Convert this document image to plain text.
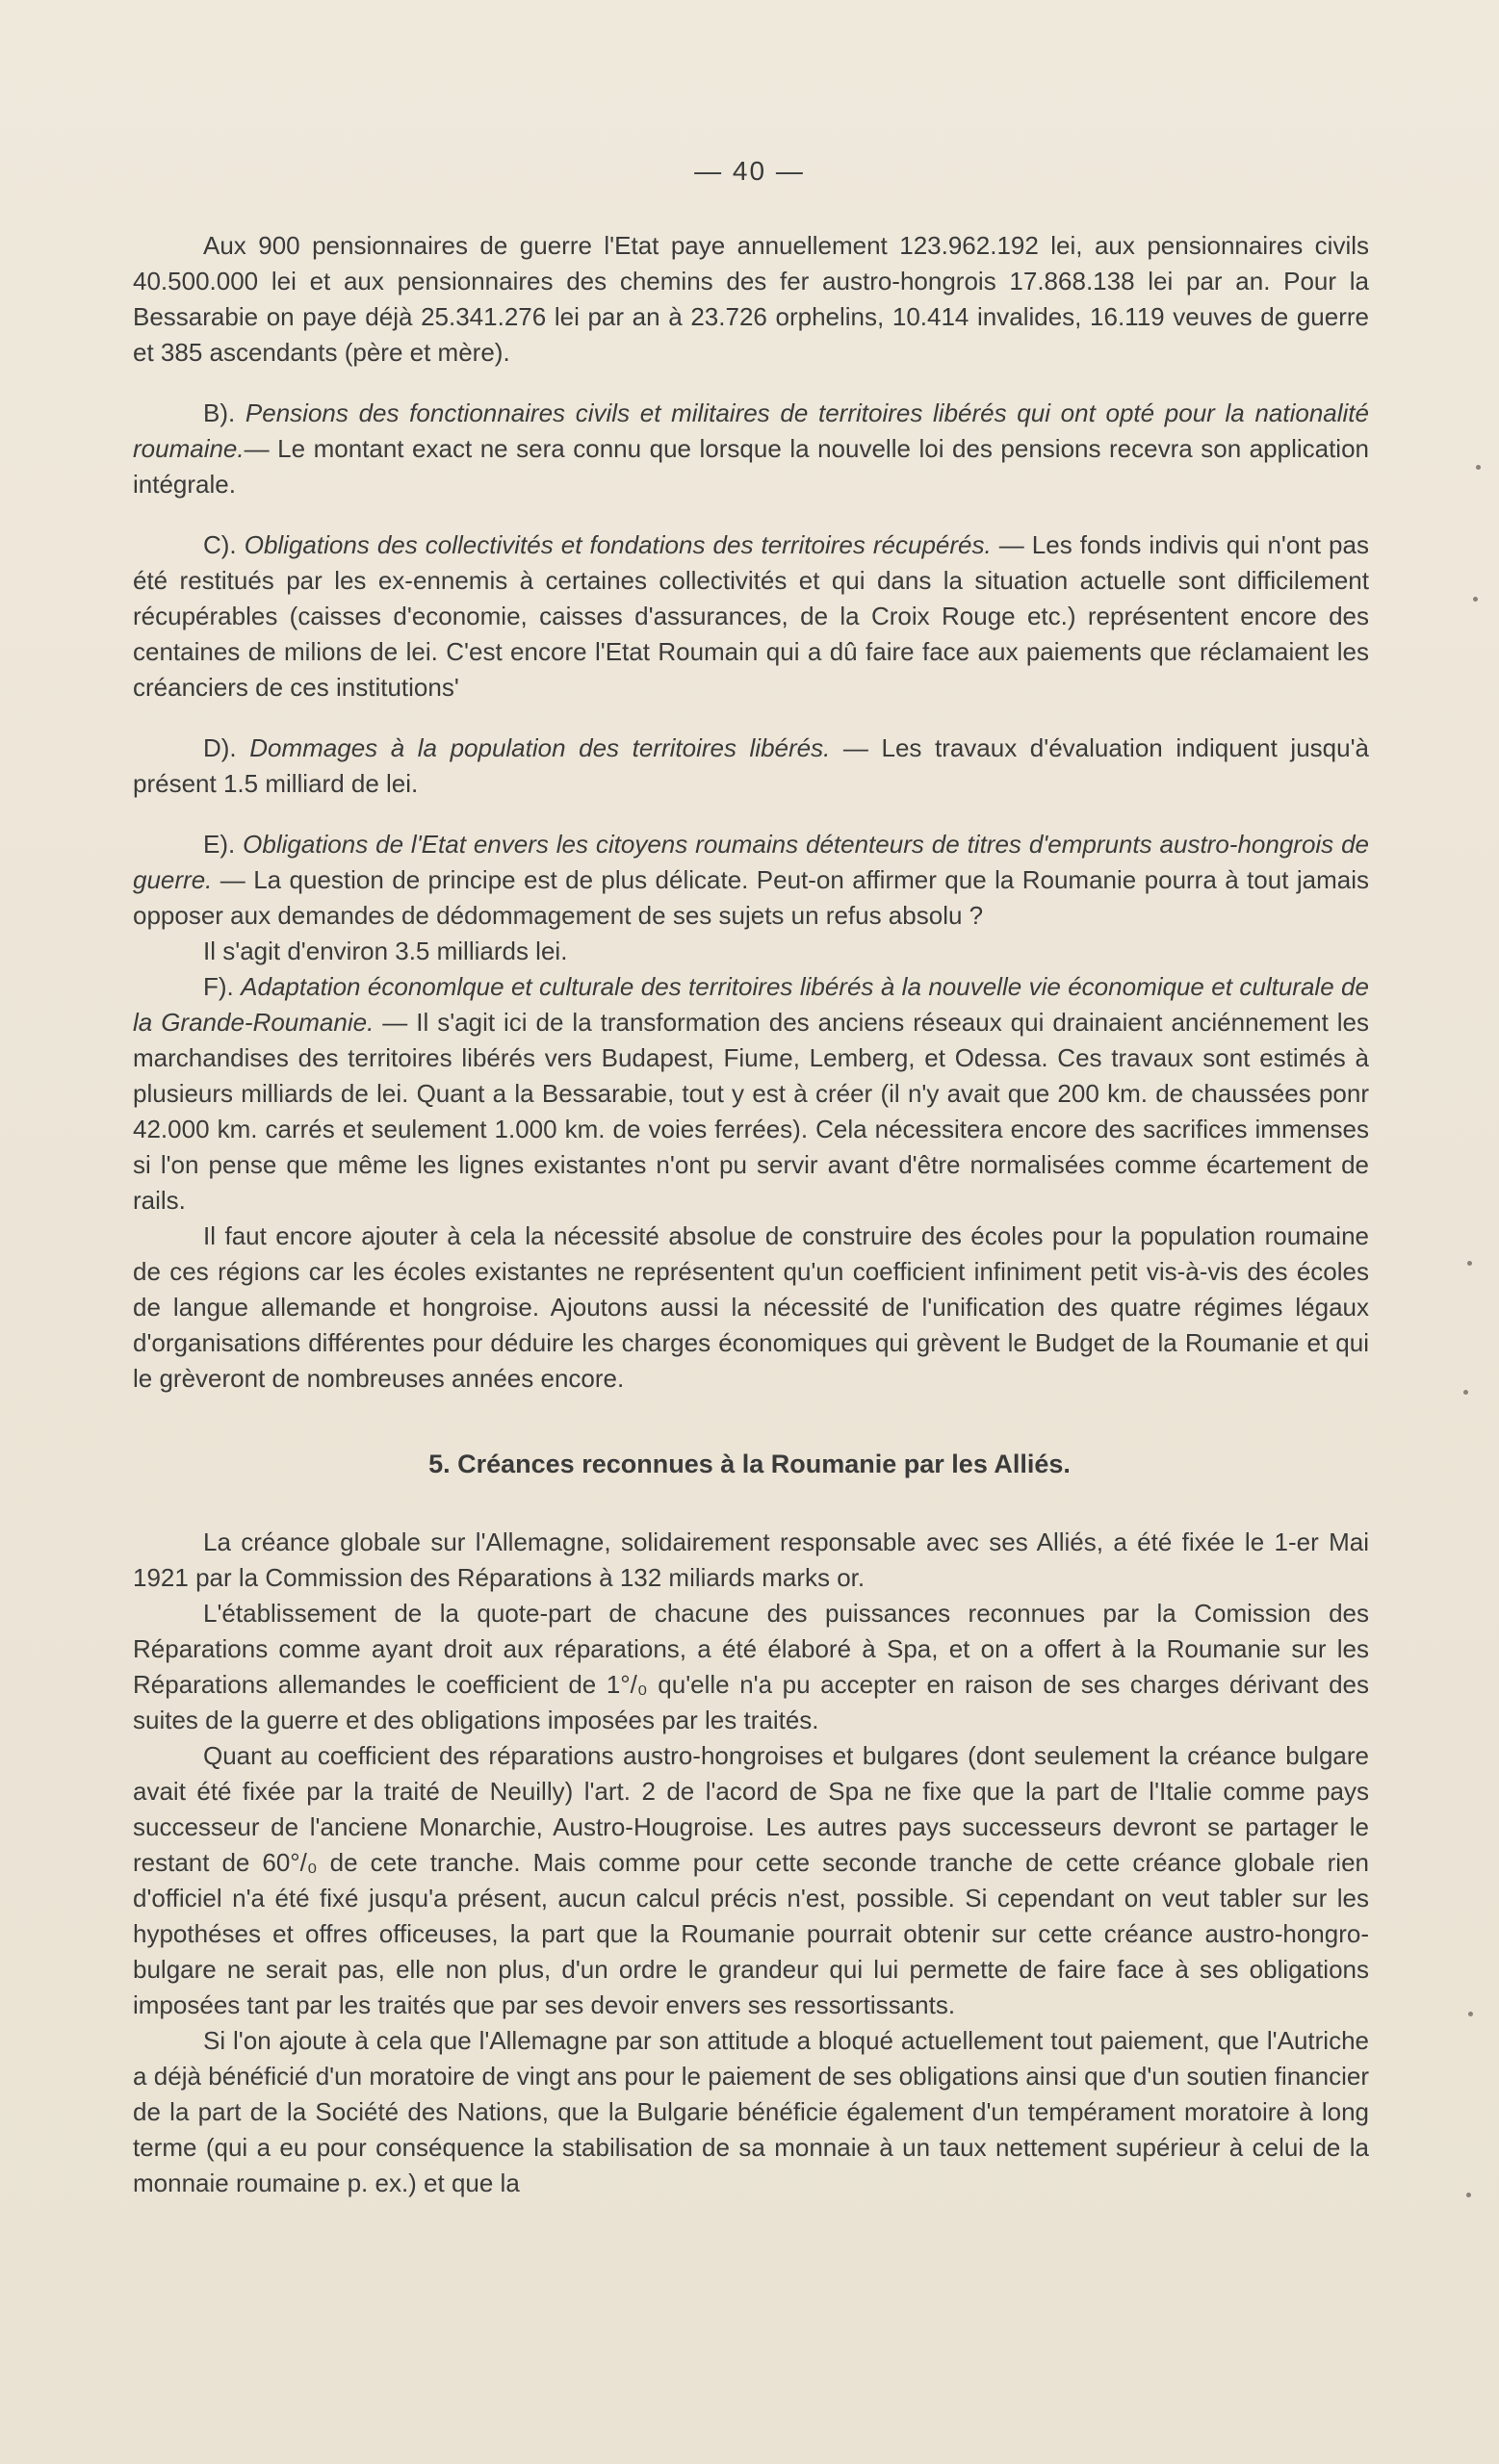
— 40 —

Aux 900 pensionnaires de guerre l'Etat paye annuellement 123.962.192 lei, aux pensionnaires civils 40.500.000 lei et aux pensionnaires des chemins des fer austro-hongrois 17.868.138 lei par an. Pour la Bessarabie on paye déjà 25.341.276 lei par an à 23.726 orphelins, 10.414 invalides, 16.119 veuves de guerre et 385 ascendants (père et mère).

B). Pensions des fonctionnaires civils et militaires de territoires libérés qui ont opté pour la nationalité roumaine.— Le montant exact ne sera connu que lorsque la nouvelle loi des pensions recevra son application intégrale.

C). Obligations des collectivités et fondations des territoires récupérés. — Les fonds indivis qui n'ont pas été restitués par les ex-ennemis à certaines collectivités et qui dans la situation actuelle sont difficilement récupérables (caisses d'economie, caisses d'assurances, de la Croix Rouge etc.) représentent encore des centaines de milions de lei. C'est encore l'Etat Roumain qui a dû faire face aux paiements que réclamaient les créanciers de ces institutions'

D). Dommages à la population des territoires libérés. — Les travaux d'évaluation indiquent jusqu'à présent 1.5 milliard de lei.

E). Obligations de l'Etat envers les citoyens roumains détenteurs de titres d'emprunts austro-hongrois de guerre. — La question de principe est de plus délicate. Peut-on affirmer que la Roumanie pourra à tout jamais opposer aux demandes de dédommagement de ses sujets un refus absolu ?

Il s'agit d'environ 3.5 milliards lei.

F). Adaptation économlque et culturale des territoires libérés à la nouvelle vie économique et culturale de la Grande-Roumanie. — Il s'agit ici de la transformation des anciens réseaux qui drainaient anciénnement les marchandises des territoires libérés vers Budapest, Fiume, Lemberg, et Odessa. Ces travaux sont estimés à plusieurs milliards de lei. Quant a la Bessarabie, tout y est à créer (il n'y avait que 200 km. de chaussées ponr 42.000 km. carrés et seulement 1.000 km. de voies ferrées). Cela nécessitera encore des sacrifices immenses si l'on pense que même les lignes existantes n'ont pu servir avant d'être normalisées comme écartement de rails.

Il faut encore ajouter à cela la nécessité absolue de construire des écoles pour la population roumaine de ces régions car les écoles existantes ne représentent qu'un coefficient infiniment petit vis-à-vis des écoles de langue allemande et hongroise. Ajoutons aussi la nécessité de l'unification des quatre régimes légaux d'organisations différentes pour déduire les charges économiques qui grèvent le Budget de la Roumanie et qui le grèveront de nombreuses années encore.

5. Créances reconnues à la Roumanie par les Alliés.

La créance globale sur l'Allemagne, solidairement responsable avec ses Alliés, a été fixée le 1-er Mai 1921 par la Commission des Réparations à 132 miliards marks or.

L'établissement de la quote-part de chacune des puissances reconnues par la Comission des Réparations comme ayant droit aux réparations, a été élaboré à Spa, et on a offert à la Roumanie sur les Réparations allemandes le coefficient de 1°/₀ qu'elle n'a pu accepter en raison de ses charges dérivant des suites de la guerre et des obligations imposées par les traités.

Quant au coefficient des réparations austro-hongroises et bulgares (dont seulement la créance bulgare avait été fixée par la traité de Neuilly) l'art. 2 de l'acord de Spa ne fixe que la part de l'Italie comme pays successeur de l'anciene Monarchie, Austro-Hougroise. Les autres pays successeurs devront se partager le restant de 60°/₀ de cete tranche. Mais comme pour cette seconde tranche de cette créance globale rien d'officiel n'a été fixé jusqu'a présent, aucun calcul précis n'est, possible. Si cependant on veut tabler sur les hypothéses et offres officeuses, la part que la Roumanie pourrait obtenir sur cette créance austro-hongro-bulgare ne serait pas, elle non plus, d'un ordre le grandeur qui lui permette de faire face à ses obligations imposées tant par les traités que par ses devoir envers ses ressortissants.

Si l'on ajoute à cela que l'Allemagne par son attitude a bloqué actuellement tout paiement, que l'Autriche a déjà bénéficié d'un moratoire de vingt ans pour le paiement de ses obligations ainsi que d'un soutien financier de la part de la Société des Nations, que la Bulgarie bénéficie également d'un tempérament moratoire à long terme (qui a eu pour conséquence la stabilisation de sa monnaie à un taux nettement supérieur à celui de la monnaie roumaine p. ex.) et que la
